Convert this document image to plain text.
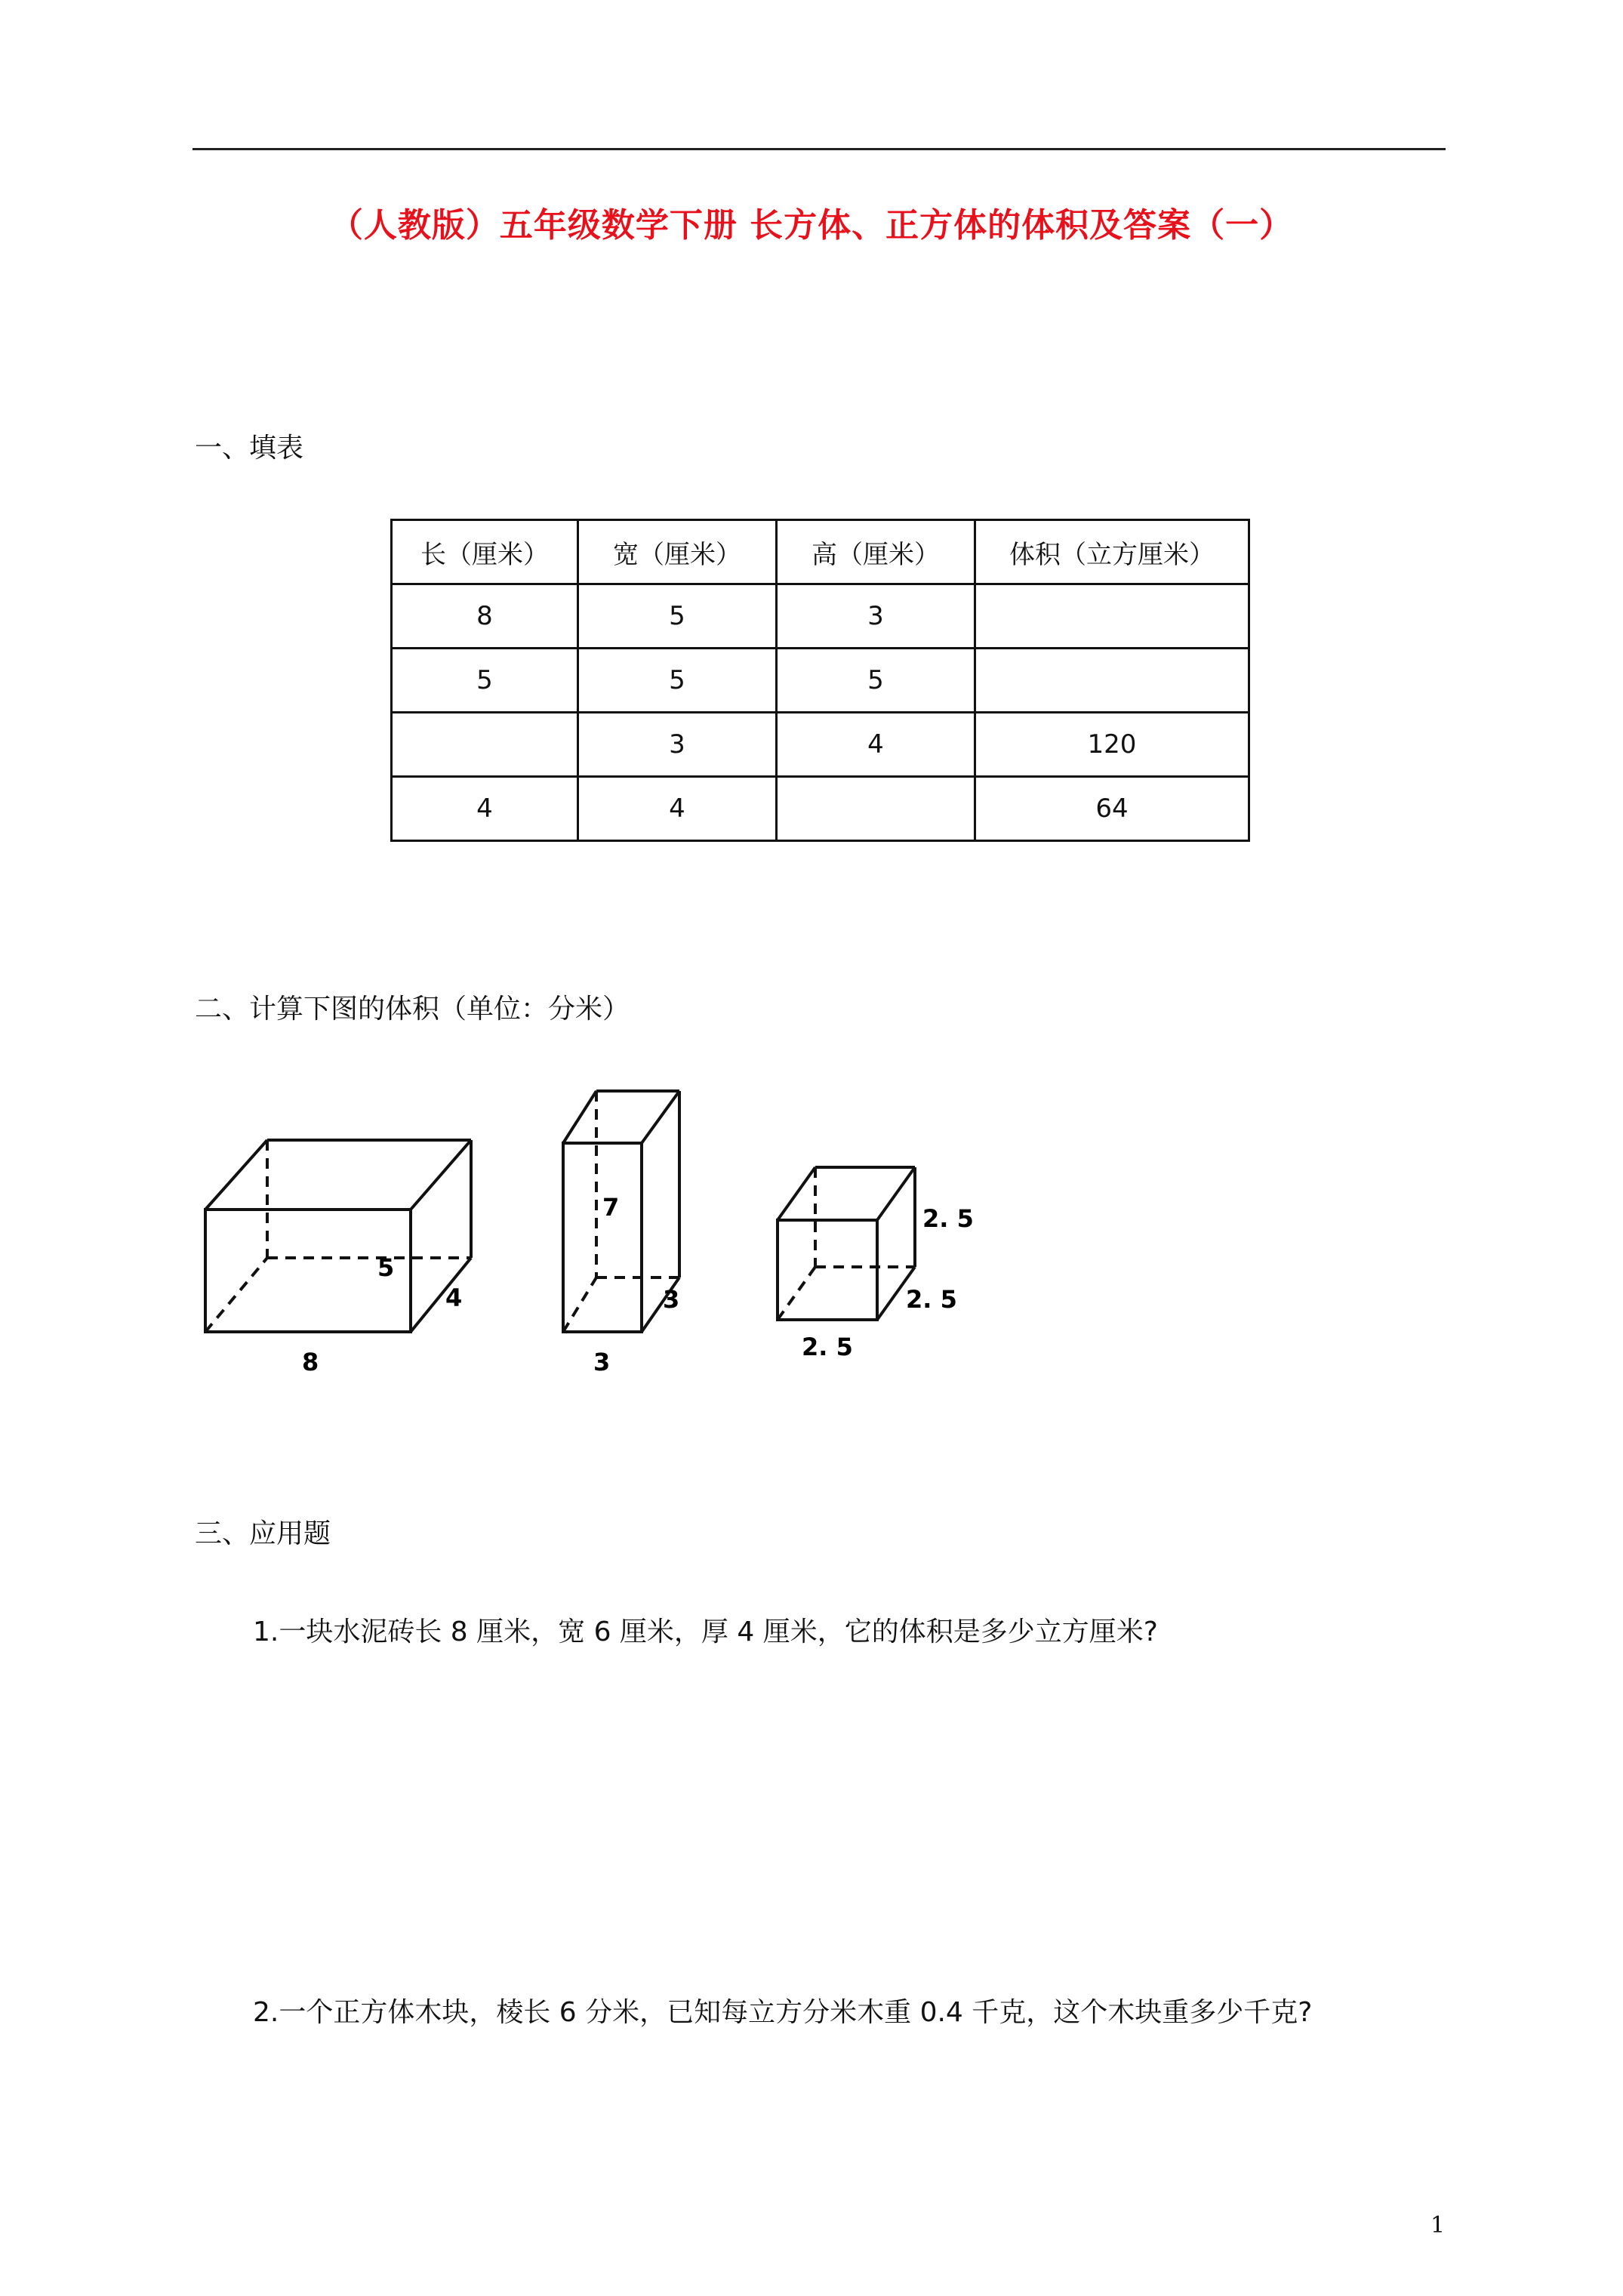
（人教版）五年级数学下册 长方体、正方体的体积及答案（一）
一、填表
长（厘米）	宽（厘米）	高（厘米）	体积（立方厘米）
8	5	3	
5	5	5	
	3	4	120
4	4		64
二、计算下图的体积（单位：分米）
5
4
8
7
3
3
2. 5
2. 5
2. 5
三、应用题
1.一块水泥砖长 8 厘米，宽 6 厘米，厚 4 厘米，它的体积是多少立方厘米?
2.一个正方体木块，棱长 6 分米，已知每立方分米木重 0.4 千克，这个木块重多少千克?
1
